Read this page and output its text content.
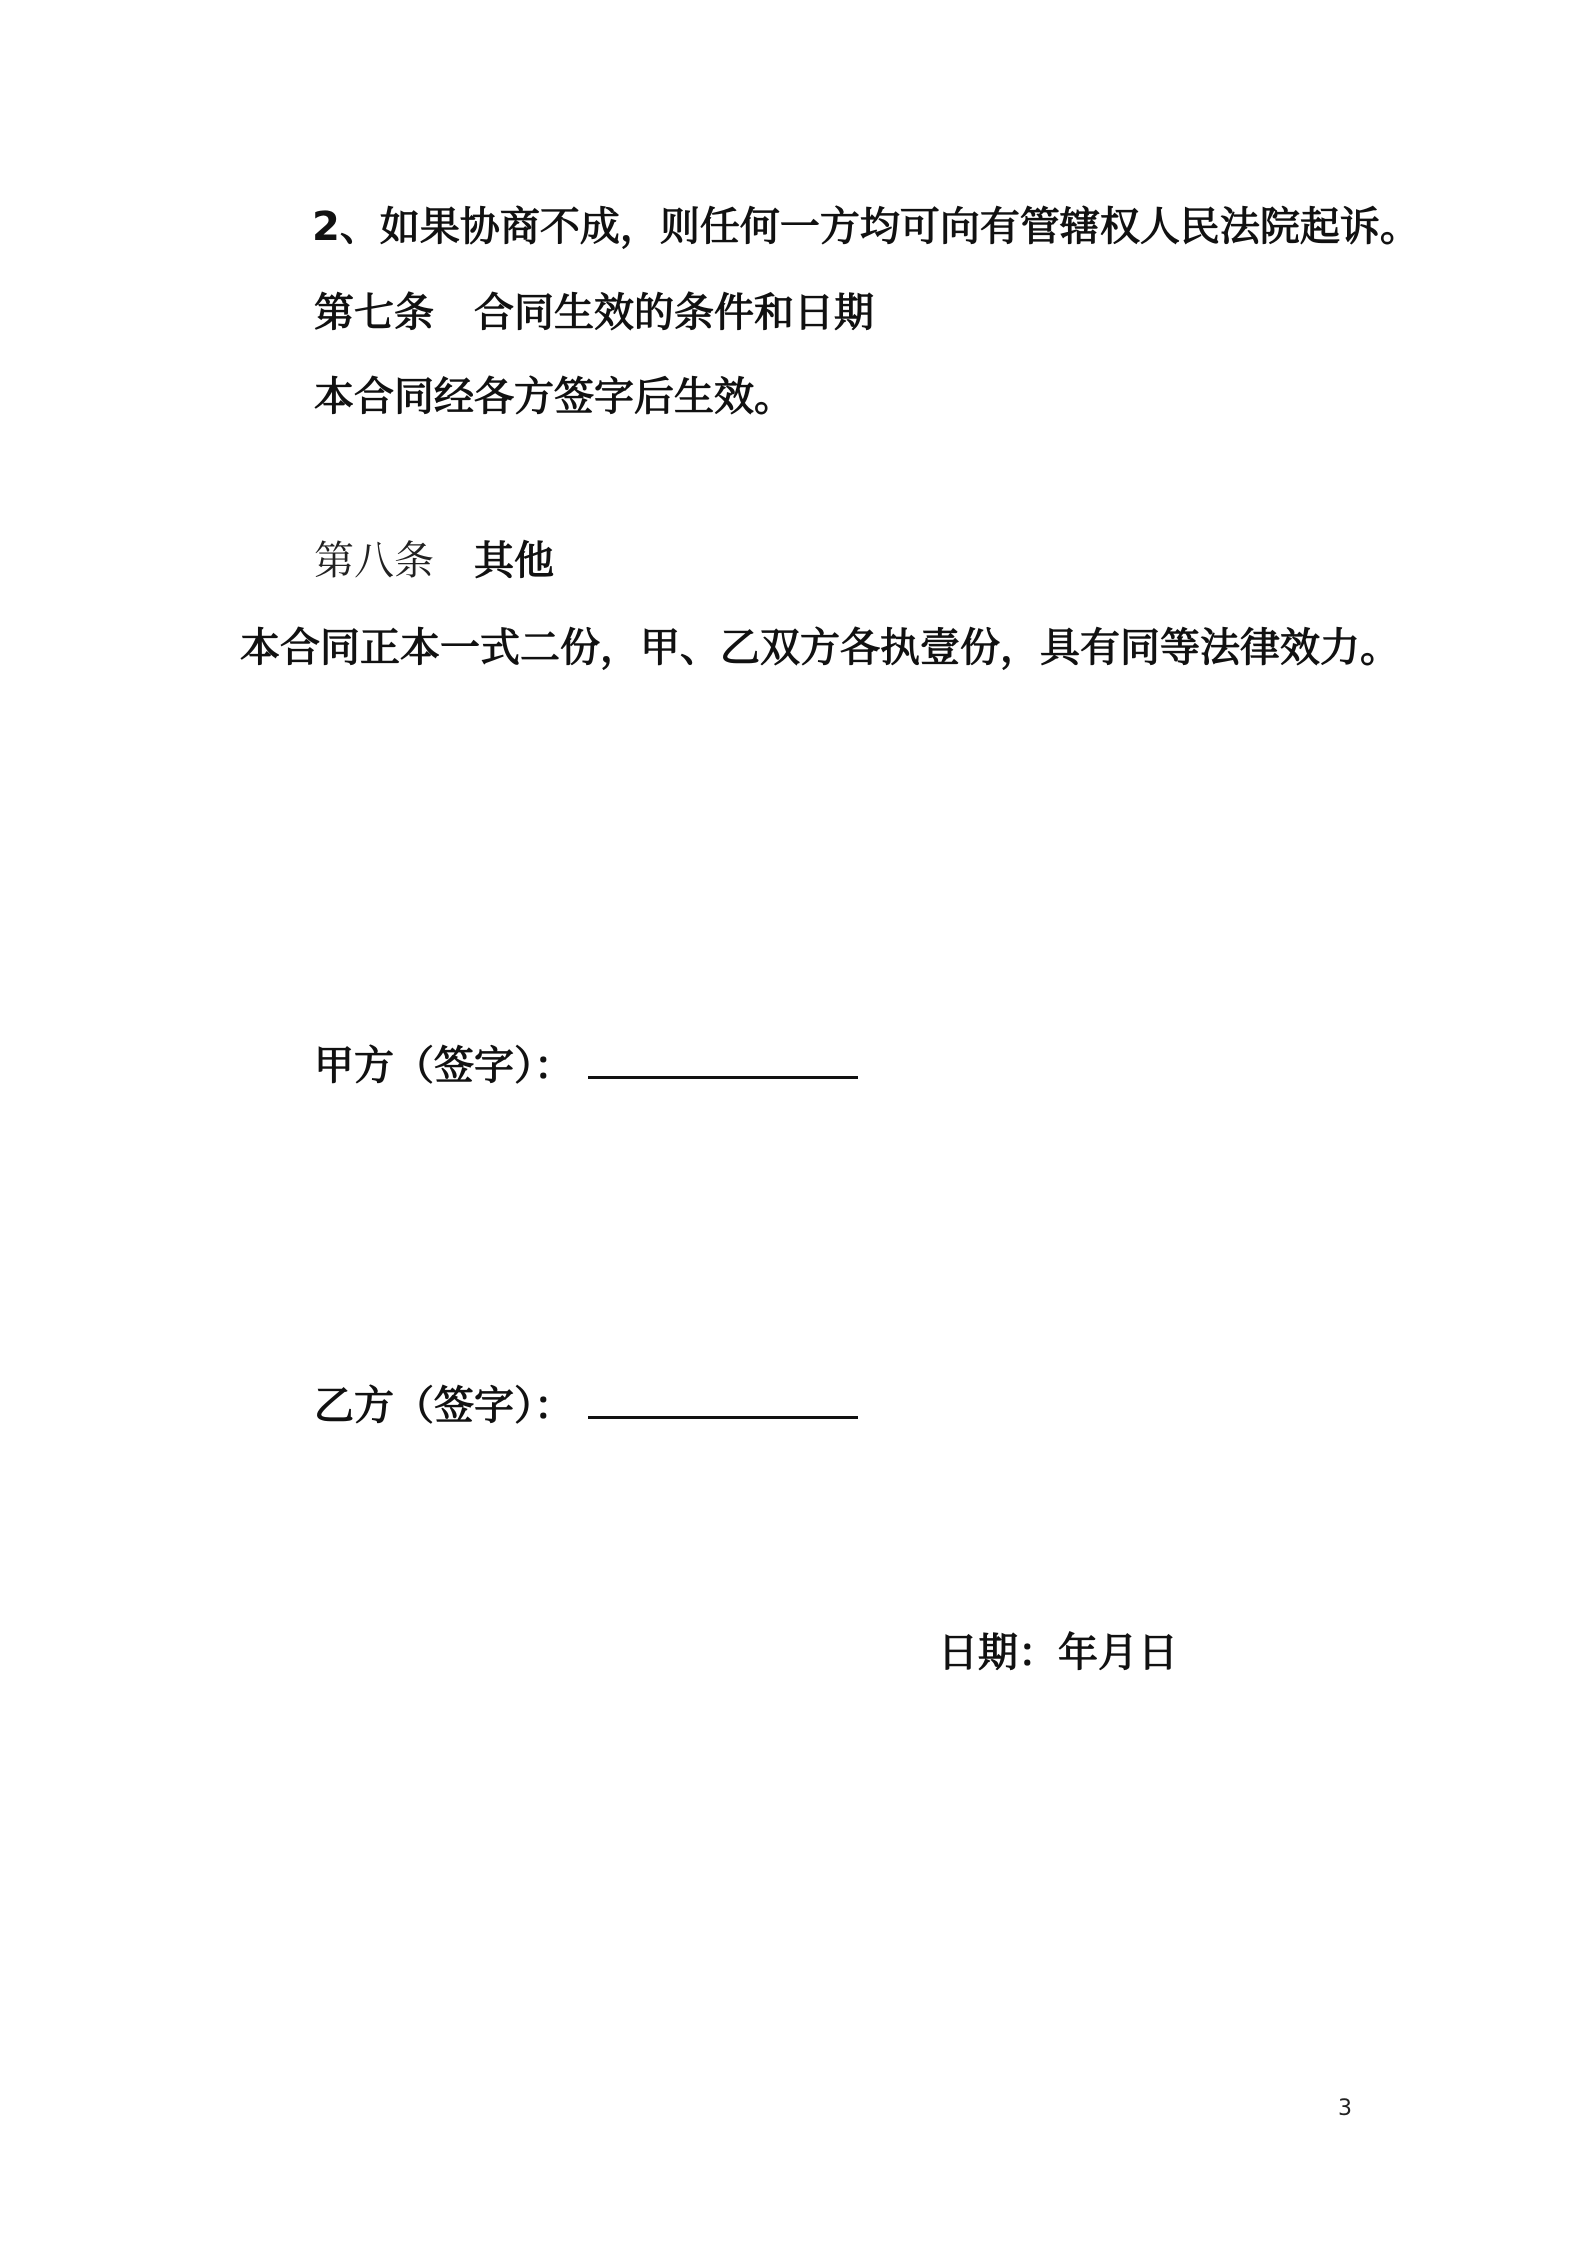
2、如果协商不成，则任何一方均可向有管辖权人民法院起诉。
第七条 合同生效的条件和日期
本合同经各方签字后生效。
第八条 其他
本合同正本一式二份，甲、乙双方各执壹份，具有同等法律效力。
甲方（签字）：
乙方（签字）：
日期：年月日
3
